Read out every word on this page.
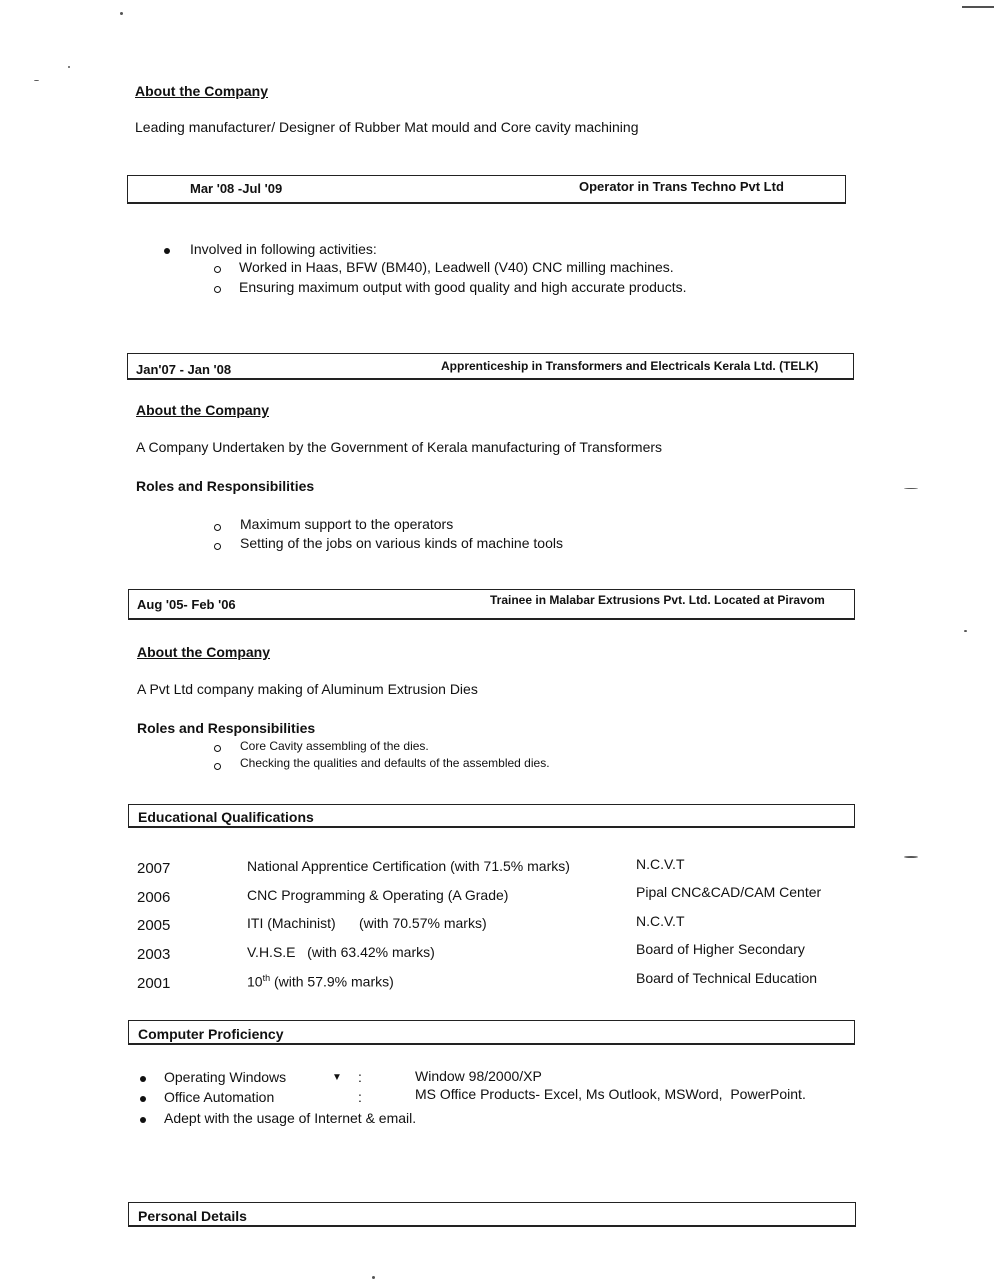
About the Company
Leading manufacturer/ Designer of Rubber Mat mould and Core cavity machining
Mar '08 -Jul '09	Operator in Trans Techno Pvt Ltd
Involved in following activities:
Worked in Haas, BFW (BM40), Leadwell (V40) CNC milling machines.
Ensuring maximum output with good quality and high accurate products.
Jan'07 - Jan '08	Apprenticeship in Transformers and Electricals Kerala Ltd. (TELK)
About the Company
A Company Undertaken by the Government of Kerala manufacturing of Transformers
Roles and Responsibilities
Maximum support to the operators
Setting of the jobs on various kinds of machine tools
Aug '05- Feb '06	Trainee in Malabar Extrusions Pvt. Ltd. Located at Piravom
About the Company
A Pvt Ltd company making of Aluminum Extrusion Dies
Roles and Responsibilities
Core Cavity assembling of the dies.
Checking the qualities and defaults of the assembled dies.
Educational Qualifications
2007	National Apprentice Certification (with 71.5% marks)	N.C.V.T
2006	CNC Programming & Operating (A Grade)	Pipal CNC&CAD/CAM Center
2005	ITI (Machinist)      (with 70.57% marks)	N.C.V.T
2003	V.H.S.E   (with 63.42% marks)	Board of Higher Secondary
2001	10th (with 57.9% marks)	Board of Technical Education
Computer Proficiency
Operating Windows	▼ :	Window 98/2000/XP
Office Automation	:	MS Office Products- Excel, Ms Outlook, MSWord,  PowerPoint.
Adept with the usage of Internet & email.
Personal Details
